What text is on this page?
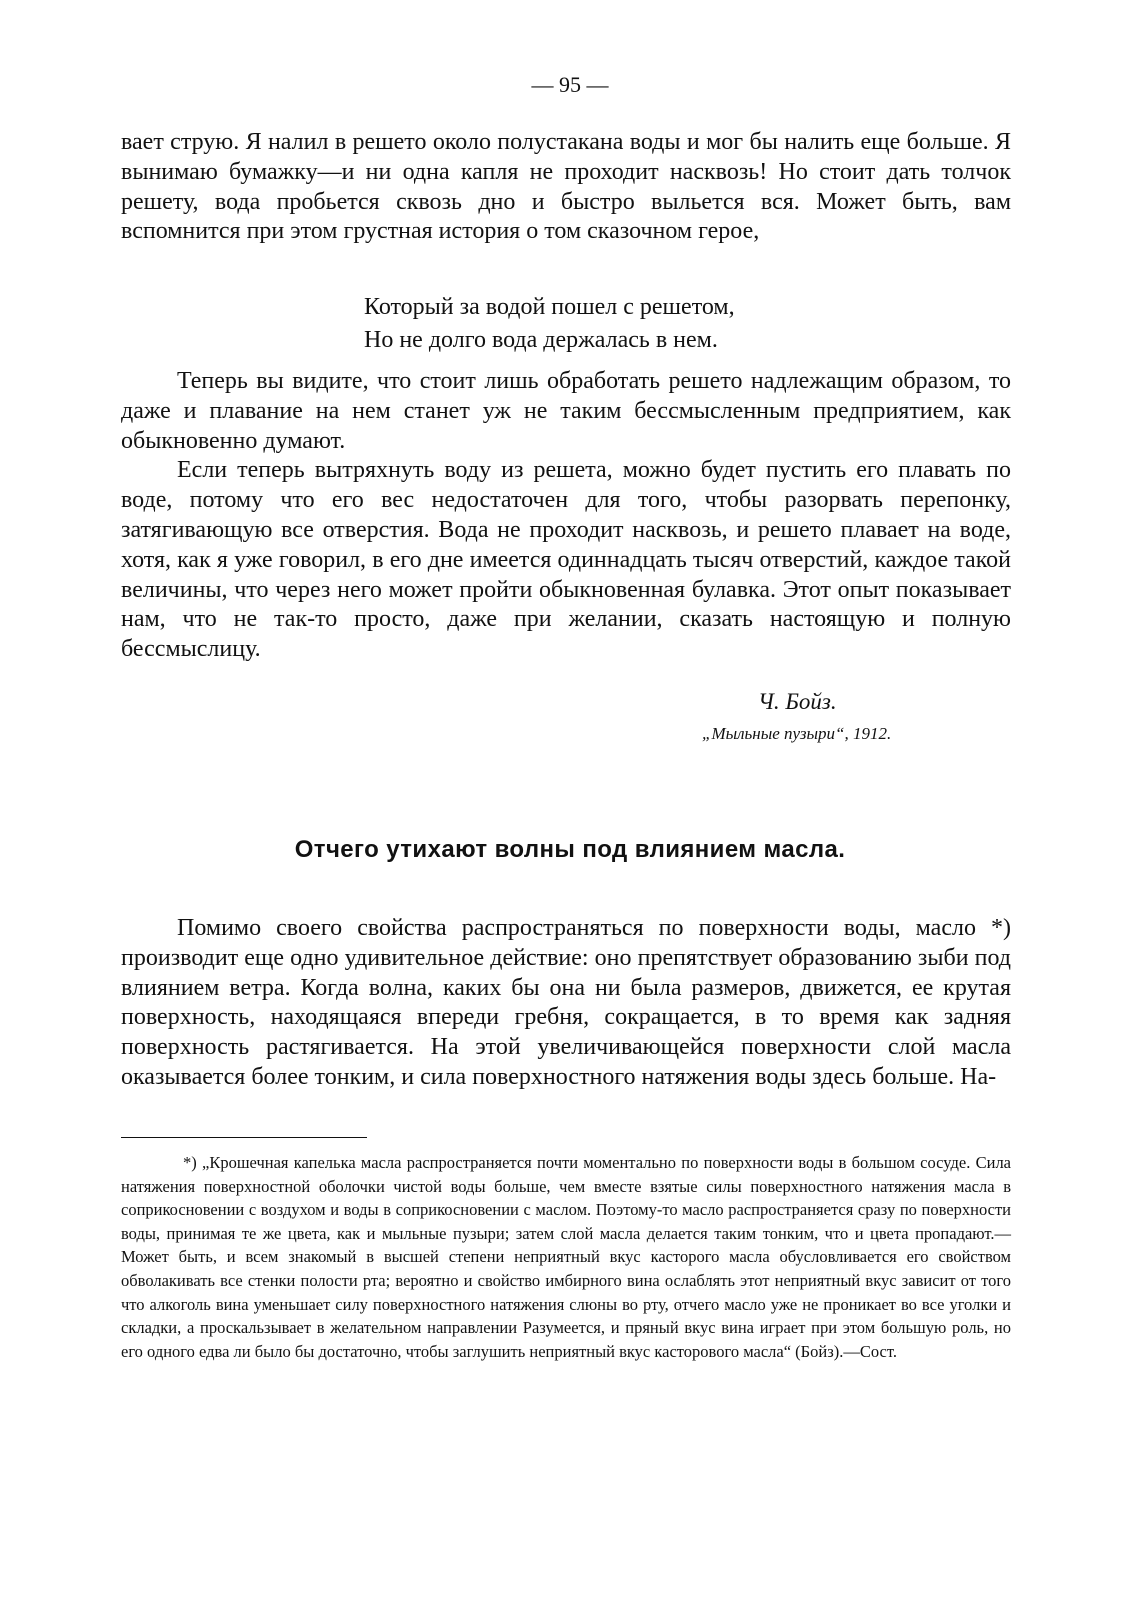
— 95 —

вает струю. Я налил в решето около полустакана воды и мог бы налить еще больше. Я вынимаю бумажку—и ни одна капля не проходит насквозь! Но стоит дать толчок решету, вода пробьется сквозь дно и быстро выльется вся. Может быть, вам вспомнится при этом грустная история о том сказочном герое,

Который за водой пошел с решетом,
Но не долго вода держалась в нем.

Теперь вы видите, что стоит лишь обработать решето надлежащим образом, то даже и плавание на нем станет уж не таким бессмысленным предприятием, как обыкновенно думают.

Если теперь вытряхнуть воду из решета, можно будет пустить его плавать по воде, потому что его вес недостаточен для того, чтобы разорвать перепонку, затягивающую все отверстия. Вода не проходит насквозь, и решето плавает на воде, хотя, как я уже говорил, в его дне имеется одиннадцать тысяч отверстий, каждое такой величины, что через него может пройти обыкновенная булавка. Этот опыт показывает нам, что не так-то просто, даже при желании, сказать настоящую и полную бессмыслицу.

Ч. Бойз.
„Мыльные пузыри“, 1912.
Отчего утихают волны под влиянием масла.

Помимо своего свойства распространяться по поверхности воды, масло *) производит еще одно удивительное действие: оно препятствует образованию зыби под влиянием ветра. Когда волна, каких бы она ни была размеров, движется, ее крутая поверхность, находящаяся впереди гребня, сокращается, в то время как задняя поверхность растягивается. На этой увеличивающейся поверхности слой масла оказывается более тонким, и сила поверхностного натяжения воды здесь больше. На-

*) „Крошечная капелька масла распространяется почти моментально по поверхности воды в большом сосуде. Сила натяжения поверхностной оболочки чистой воды больше, чем вместе взятые силы поверхностного натяжения масла в соприкосновении с воздухом и воды в соприкосновении с маслом. Поэтому-то масло распространяется сразу по поверхности воды, принимая те же цвета, как и мыльные пузыри; затем слой масла делается таким тонким, что и цвета пропадают.—Может быть, и всем знакомый в высшей степени неприятный вкус касторого масла обусловливается его свойством обволакивать все стенки полости рта; вероятно и свойство имбирного вина ослаблять этот неприятный вкус зависит от того что алкоголь вина уменьшает силу поверхностного натяжения слюны во рту, отчего масло уже не проникает во все уголки и складки, а проскальзывает в желательном направлении Разумеется, и пряный вкус вина играет при этом большую роль, но его одного едва ли было бы достаточно, чтобы заглушить неприятный вкус касторового масла“ (Бойз).—Сост.
